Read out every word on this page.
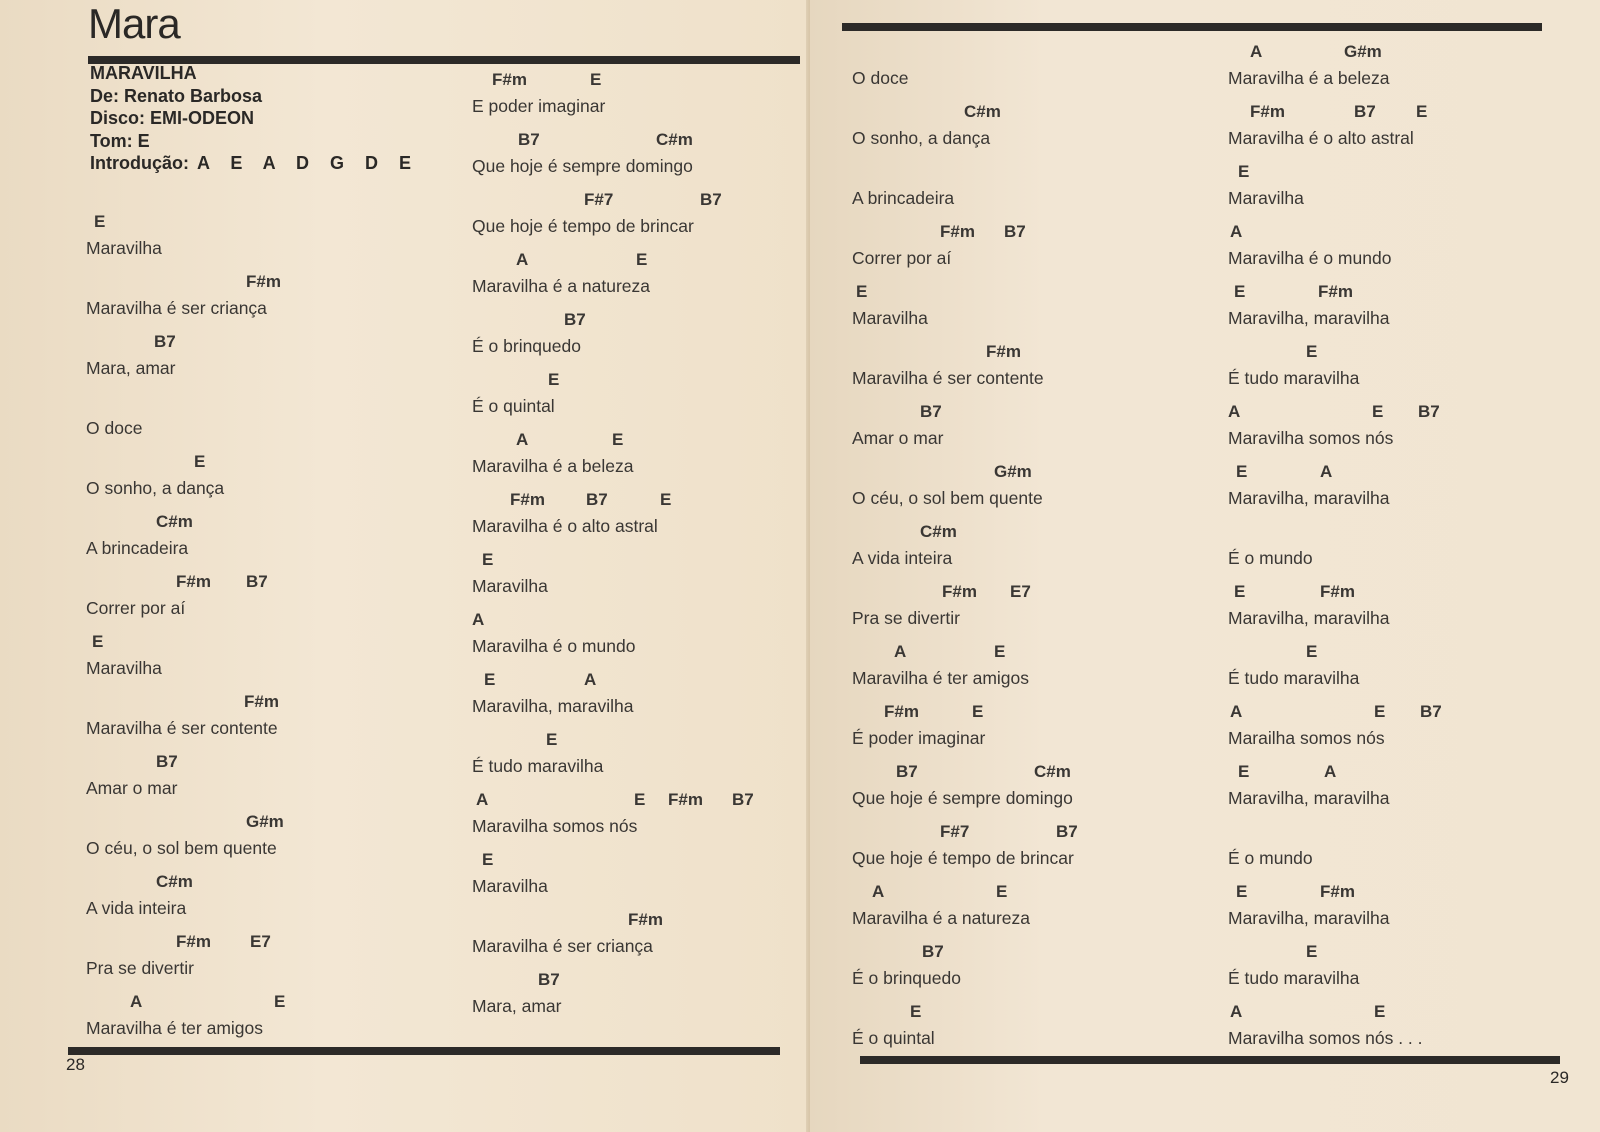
Mara
MARAVILHA
De: Renato Barbosa
Disco: EMI-ODEON
Tom: E
Introdução: A E A D G D E
E
Maravilha
F#m
Maravilha é ser criança
B7
Mara, amar
O doce
E
O sonho, a dança
C#m
A brincadeira
F#m B7
Correr por aí
E
Maravilha
F#m
Maravilha é ser contente
B7
Amar o mar
G#m
O céu, o sol bem quente
C#m
A vida inteira
F#m E7
Pra se divertir
A	E
Maravilha é ter amigos
F#m	E
E poder imaginar
B7	C#m
Que hoje é sempre domingo
F#7	B7
Que hoje é tempo de brincar
A	E
Maravilha é a natureza
B7
É o brinquedo
E
É o quintal
A	E
Maravilha é a beleza
F#m B7	E
Maravilha é o alto astral
E
Maravilha
A
Maravilha é o mundo
E	A
Maravilha, maravilha
E
É tudo maravilha
A	E F#m B7
Maravilha somos nós
E
Maravilha
F#m
Maravilha é ser criança
B7
Mara, amar
28
O doce
C#m
O sonho, a dança
A brincadeira
F#m B7
Correr por aí
E
Maravilha
F#m
Maravilha é ser contente
B7
Amar o mar
G#m
O céu, o sol bem quente
C#m
A vida inteira
F#m E7
Pra se divertir
A	E
Maravilha é ter amigos
F#m	E
É poder imaginar
B7	C#m
Que hoje é sempre domingo
F#7	B7
Que hoje é tempo de brincar
A	E
Maravilha é a natureza
B7
É o brinquedo
E
É o quintal
A	G#m
Maravilha é a beleza
F#m	B7 E
Maravilha é o alto astral
E
Maravilha
A
Maravilha é o mundo
E	F#m
Maravilha, maravilha
E
É tudo maravilha
A	E B7
Maravilha somos nós
E	A
Maravilha, maravilha
É o mundo
E	F#m
Maravilha, maravilha
E
É tudo maravilha
A	E B7
Marailha somos nós
E	A
Maravilha, maravilha
É o mundo
E	F#m
Maravilha, maravilha
E
É tudo maravilha
A	E
Maravilha somos nós . . .
29
